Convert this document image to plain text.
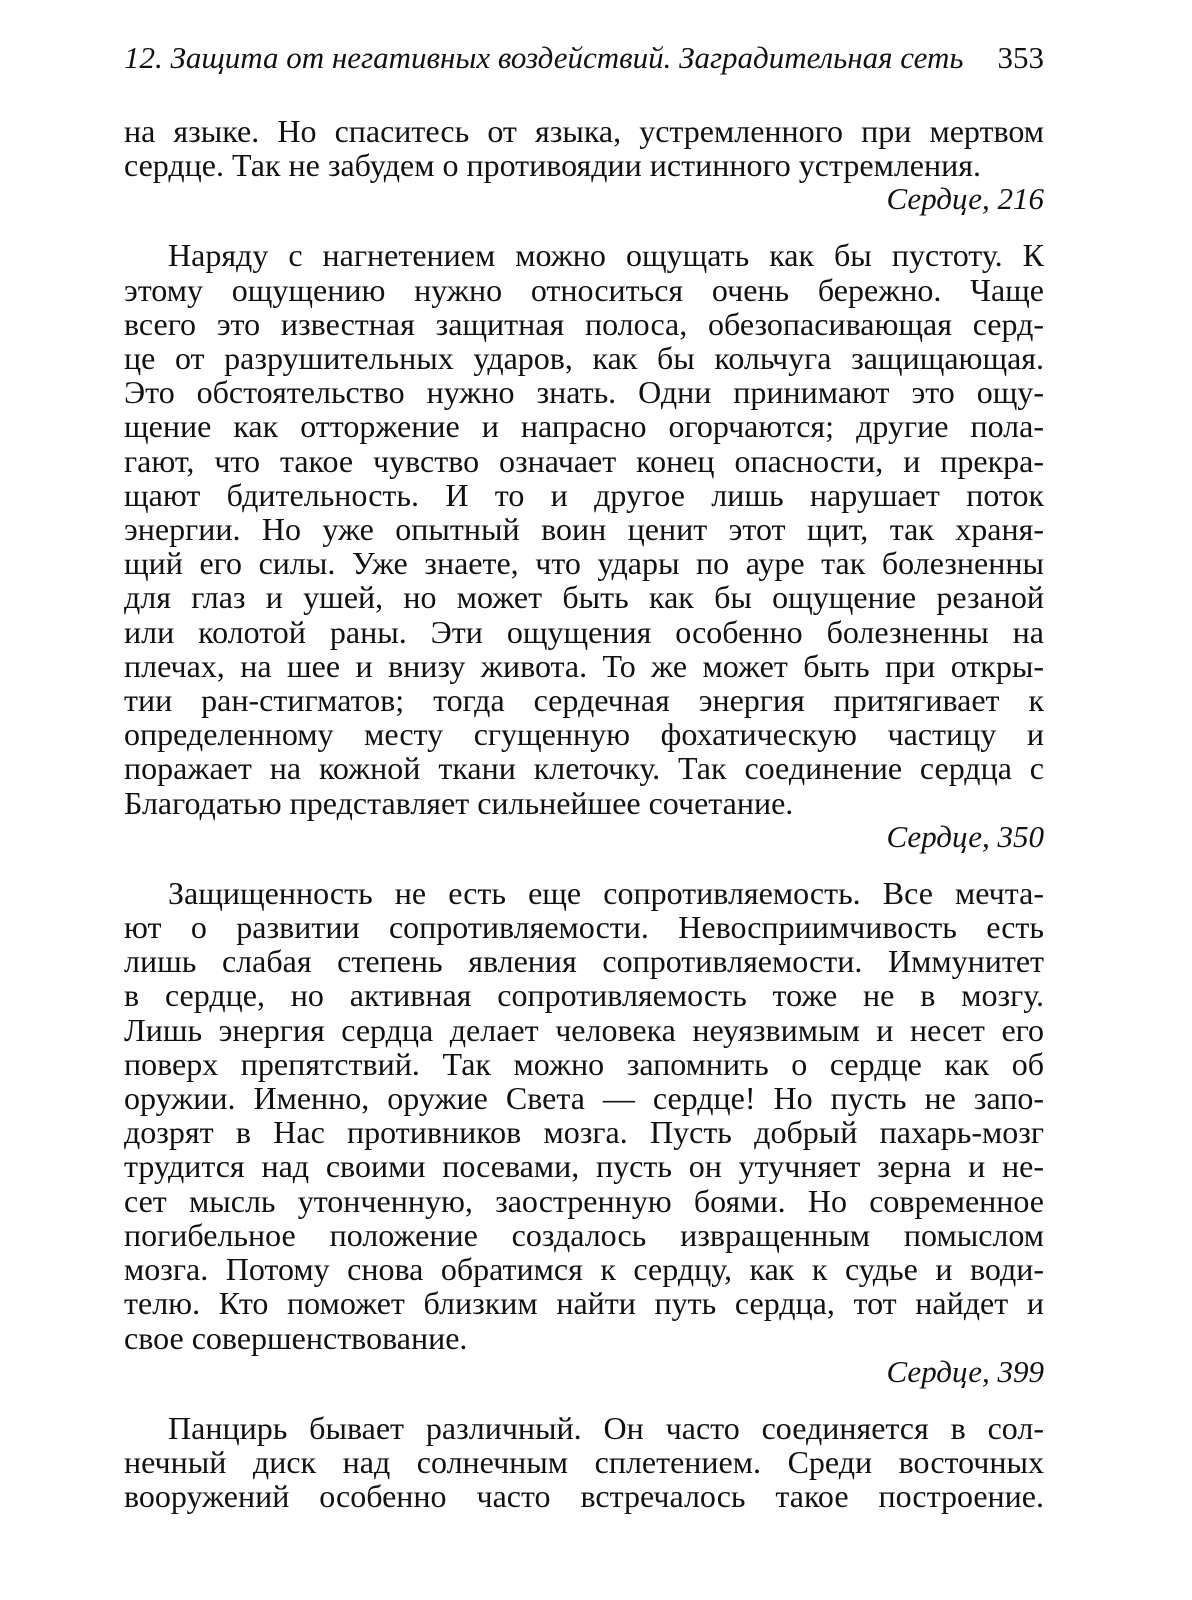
12. Защита от негативных воздействий. Заградительная сеть 353
на языке. Но спаситесь от языка, устремленного при мертвом
сердце. Так не забудем о противоядии истинного устремления.
Сердце, 216
Наряду с нагнетением можно ощущать как бы пустоту. К
этому ощущению нужно относиться очень бережно. Чаще
всего это известная защитная полоса, обезопасивающая серд-
це от разрушительных ударов, как бы кольчуга защищающая.
Это обстоятельство нужно знать. Одни принимают это ощу-
щение как отторжение и напрасно огорчаются; другие пола-
гают, что такое чувство означает конец опасности, и прекра-
щают бдительность. И то и другое лишь нарушает поток
энергии. Но уже опытный воин ценит этот щит, так храня-
щий его силы. Уже знаете, что удары по ауре так болезненны
для глаз и ушей, но может быть как бы ощущение резаной
или колотой раны. Эти ощущения особенно болезненны на
плечах, на шее и внизу живота. То же может быть при откры-
тии ран-стигматов; тогда сердечная энергия притягивает к
определенному месту сгущенную фохатическую частицу и
поражает на кожной ткани клеточку. Так соединение сердца с
Благодатью представляет сильнейшее сочетание.
Сердце, 350
Защищенность не есть еще сопротивляемость. Все мечта-
ют о развитии сопротивляемости. Невосприимчивость есть
лишь слабая степень явления сопротивляемости. Иммунитет
в сердце, но активная сопротивляемость тоже не в мозгу.
Лишь энергия сердца делает человека неуязвимым и несет его
поверх препятствий. Так можно запомнить о сердце как об
оружии. Именно, оружие Света — сердце! Но пусть не запо-
дозрят в Нас противников мозга. Пусть добрый пахарь-мозг
трудится над своими посевами, пусть он утучняет зерна и не-
сет мысль утонченную, заостренную боями. Но современное
погибельное положение создалось извращенным помыслом
мозга. Потому снова обратимся к сердцу, как к судье и води-
телю. Кто поможет близким найти путь сердца, тот найдет и
свое совершенствование.
Сердце, 399
Панцирь бывает различный. Он часто соединяется в сол-
нечный диск над солнечным сплетением. Среди восточных
вооружений особенно часто встречалось такое построение.
